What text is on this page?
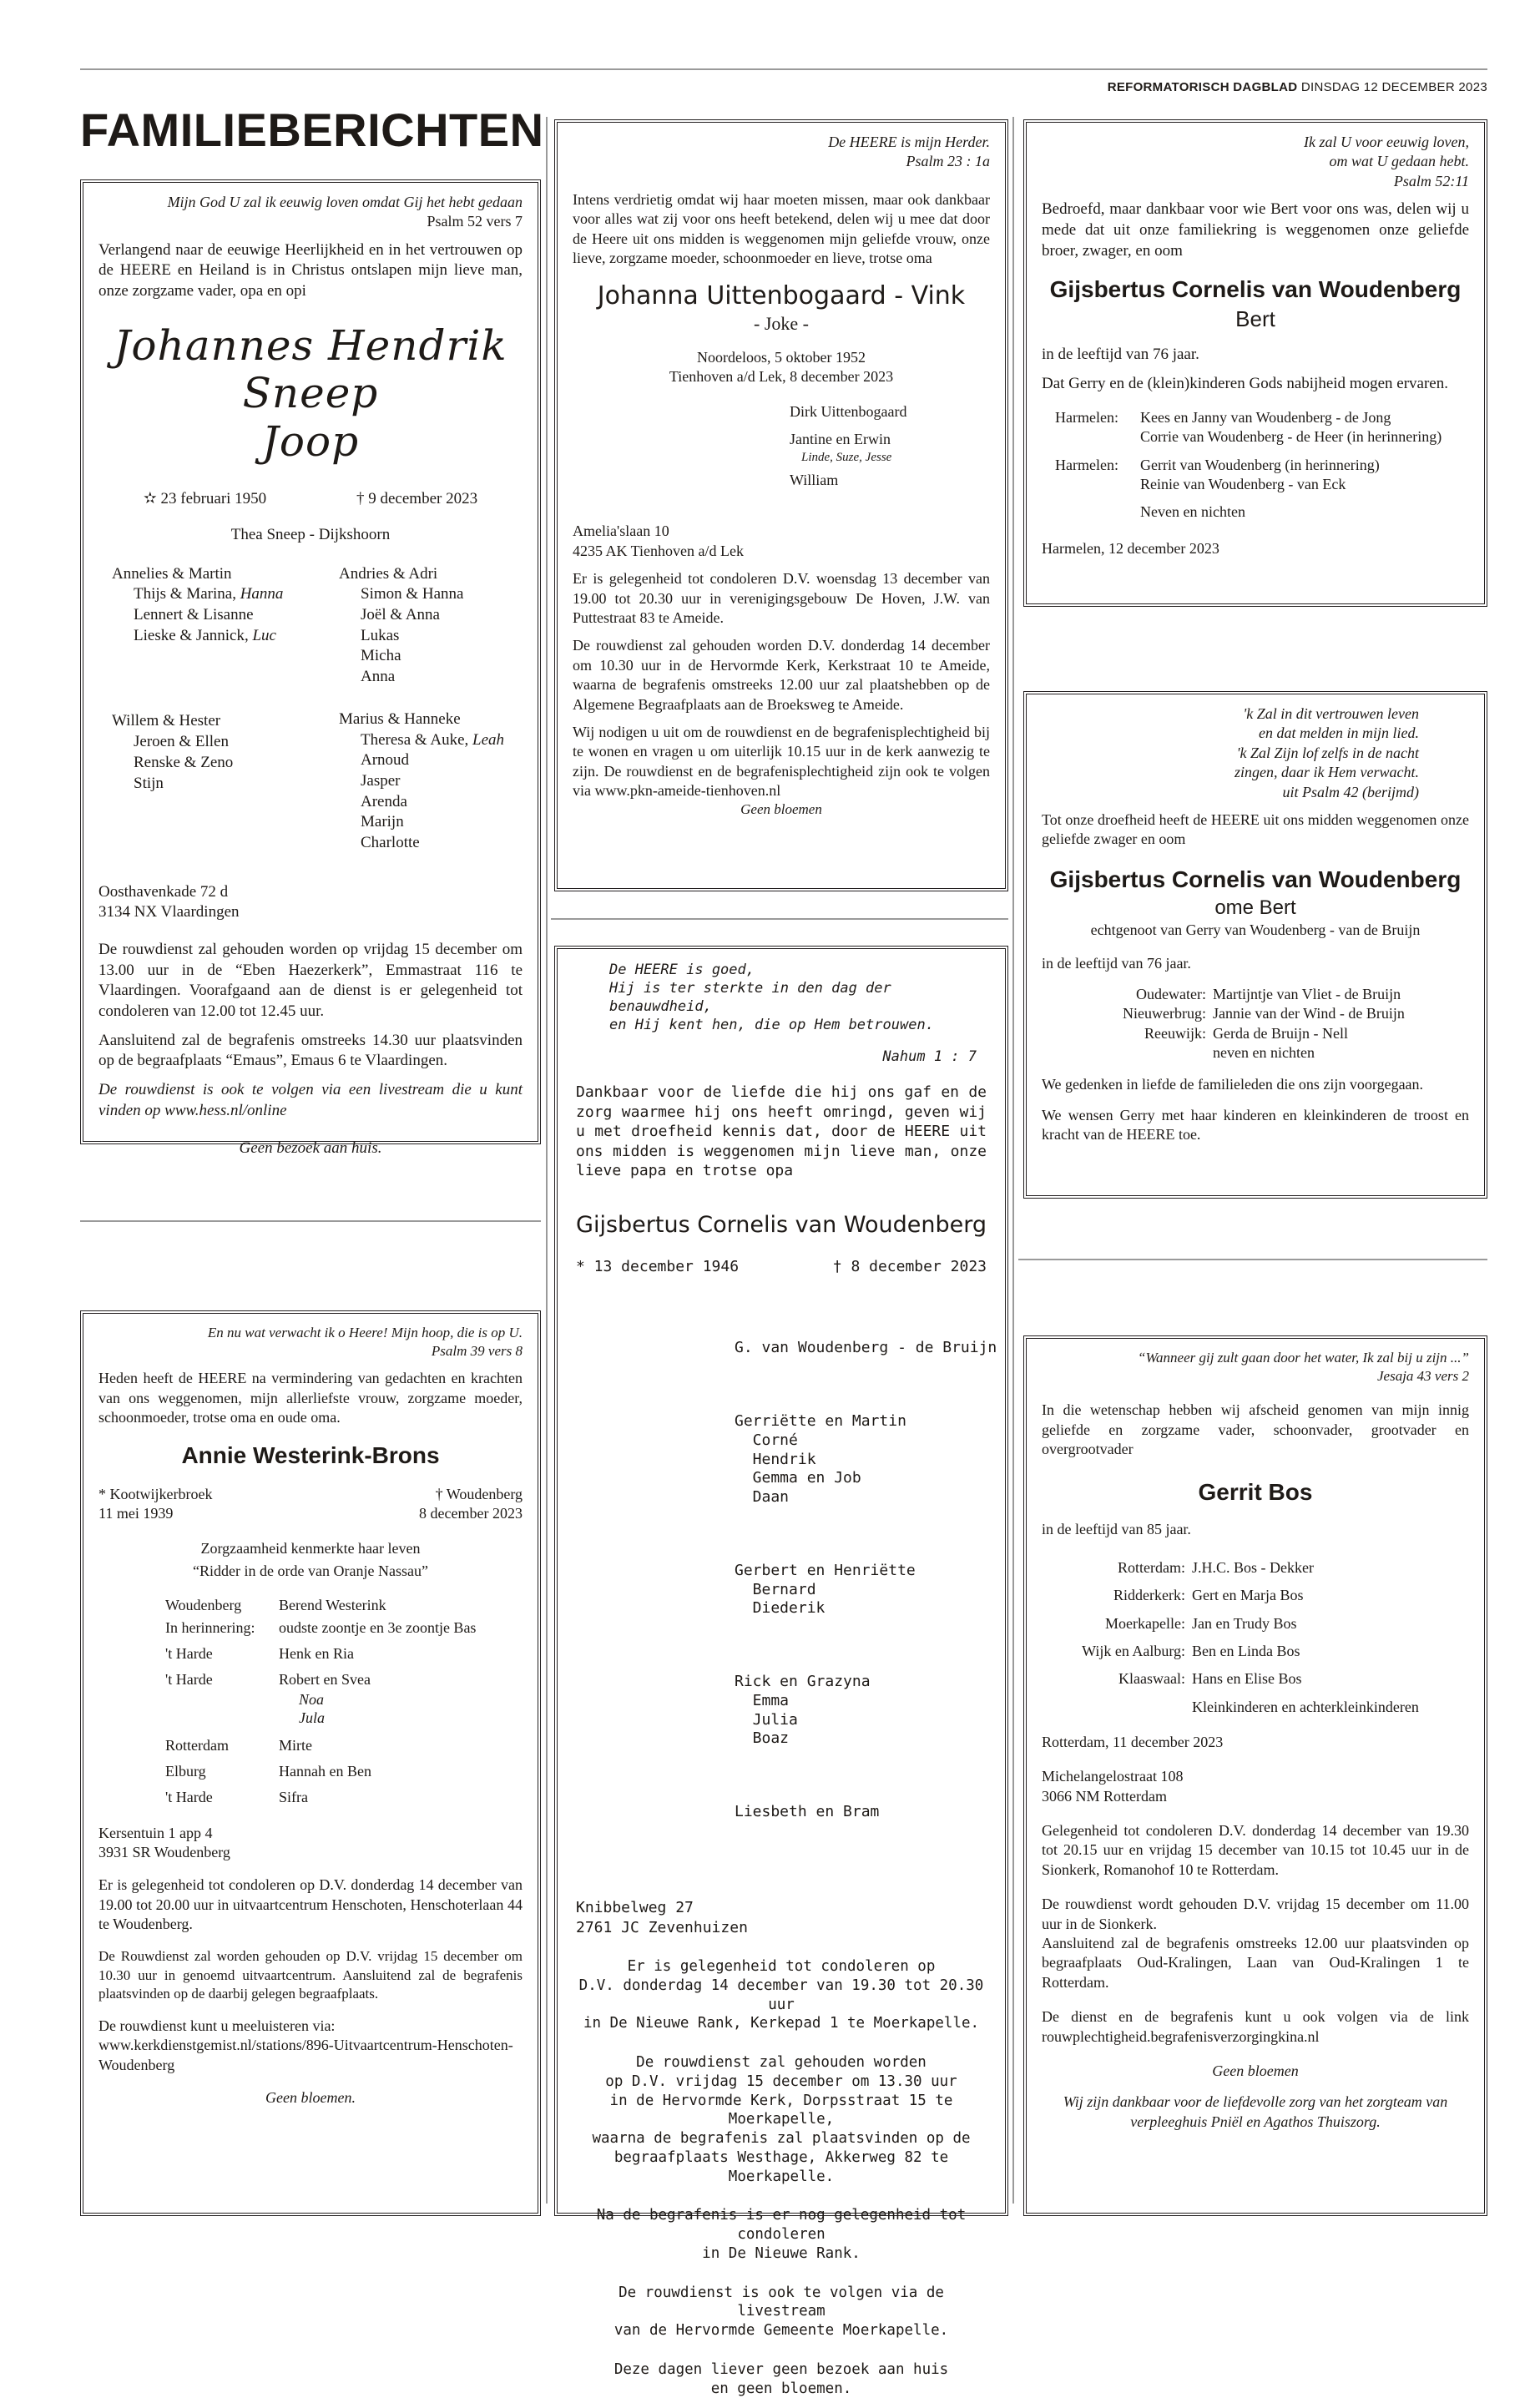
REFORMATORISCH DAGBLAD DINSDAG 12 DECEMBER 2023
FAMILIEBERICHTEN
Mijn God U zal ik eeuwig loven omdat Gij het hebt gedaan
Psalm 52 vers 7

Verlangend naar de eeuwige Heerlijkheid en in het vertrouwen op de HEERE en Heiland is in Christus ontslapen mijn lieve man, onze zorgzame vader, opa en opi

Johannes Hendrik Sneep
Joop
✫ 23 februari 1950	† 9 december 2023
Thea Sneep - Dijkshoorn
Annelies & Martin
Thijs & Marina, Hanna
Lennert & Lisanne
Lieske & Jannick, Luc
Willem & Hester
Jeroen & Ellen
Renske & Zeno
Stijn
Andries & Adri
Simon & Hanna
Joël & Anna
Lukas
Micha
Anna
Marius & Hanneke
Theresa & Auke, Leah
Arnoud
Jasper
Arenda
Marijn
Charlotte
Oosthavenkade 72 d
3134 NX Vlaardingen

De rouwdienst zal gehouden worden op vrijdag 15 december om 13.00 uur in de “Eben Haezerkerk”, Emmastraat 116 te Vlaardingen. Voorafgaand aan de dienst is er gelegenheid tot condoleren van 12.00 tot 12.45 uur.

Aansluitend zal de begrafenis omstreeks 14.30 uur plaatsvinden op de begraafplaats “Emaus”, Emaus 6 te Vlaardingen.

De rouwdienst is ook te volgen via een livestream die u kunt vinden op www.hess.nl/online

Geen bezoek aan huis.

De HEERE is mijn Herder.
Psalm 23 : 1a

Intens verdrietig omdat wij haar moeten missen, maar ook dankbaar voor alles wat zij voor ons heeft betekend, delen wij u mee dat door de Heere uit ons midden is weggenomen mijn geliefde vrouw, onze lieve, zorgzame moeder, schoonmoeder en lieve, trotse oma

Johanna Uittenbogaard - Vink
- Joke -
Noordeloos, 5 oktober 1952
Tienhoven a/d Lek, 8 december 2023
Dirk Uittenbogaard
Jantine en Erwin
Linde, Suze, Jesse
William
Amelia'slaan 10
4235 AK Tienhoven a/d Lek

Er is gelegenheid tot condoleren D.V. woensdag 13 december van 19.00 tot 20.30 uur in verenigingsgebouw De Hoven, J.W. van Puttestraat 83 te Ameide.

De rouwdienst zal gehouden worden D.V. donderdag 14 december om 10.30 uur in de Hervormde Kerk, Kerkstraat 10 te Ameide, waarna de begrafenis omstreeks 12.00 uur zal plaatshebben op de Algemene Begraafplaats aan de Broeksweg te Ameide.

Wij nodigen u uit om de rouwdienst en de begrafenisplechtigheid bij te wonen en vragen u om uiterlijk 10.15 uur in de kerk aanwezig te zijn. De rouwdienst en de begrafenisplechtigheid zijn ook te volgen via www.pkn-ameide-tienhoven.nl

Geen bloemen

Ik zal U voor eeuwig loven,
om wat U gedaan hebt.
Psalm 52:11

Bedroefd, maar dankbaar voor wie Bert voor ons was, delen wij u mede dat uit onze familiekring is weggenomen onze geliefde broer, zwager, en oom

Gijsbertus Cornelis van Woudenberg
Bert

in de leeftijd van 76 jaar.

Dat Gerry en de (klein)kinderen Gods nabijheid mogen ervaren.

Harmelen:	Kees en Janny van Woudenberg - de Jong
Corrie van Woudenberg - de Heer (in herinnering)
Harmelen:	Gerrit van Woudenberg (in herinnering)
Reinie van Woudenberg - van Eck
Neven en nichten

Harmelen, 12 december 2023

'k Zal in dit vertrouwen leven
en dat melden in mijn lied.
'k Zal Zijn lof zelfs in de nacht
zingen, daar ik Hem verwacht.
uit Psalm 42 (berijmd)

Tot onze droefheid heeft de HEERE uit ons midden weggenomen onze geliefde zwager en oom

Gijsbertus Cornelis van Woudenberg
ome Bert
echtgenoot van Gerry van Woudenberg - van de Bruijn

in de leeftijd van 76 jaar.

Oudewater: Martijntje van Vliet - de Bruijn
Nieuwerbrug: Jannie van der Wind - de Bruijn
Reeuwijk: Gerda de Bruijn - Nell
neven en nichten

We gedenken in liefde de familieleden die ons zijn voorgegaan.

We wensen Gerry met haar kinderen en kleinkinderen de troost en kracht van de HEERE toe.

De HEERE is goed,
Hij is ter sterkte in den dag der benauwdheid,
en Hij kent hen, die op Hem betrouwen.
Nahum 1 : 7

Dankbaar voor de liefde die hij ons gaf en de zorg waarmee hij ons heeft omringd, geven wij u met droefheid kennis dat, door de HEERE uit ons midden is weggenomen mijn lieve man, onze lieve papa en trotse opa

Gijsbertus Cornelis van Woudenberg
* 13 december 1946	† 8 december 2023

G. van Woudenberg - de Bruijn

Gerriëtte en Martin
Corné
Hendrik
Gemma en Job
Daan

Gerbert en Henriëtte
Bernard
Diederik

Rick en Grazyna
Emma
Julia
Boaz

Liesbeth en Bram

Knibbelweg 27
2761 JC Zevenhuizen
Er is gelegenheid tot condoleren op
D.V. donderdag 14 december van 19.30 tot 20.30 uur
in De Nieuwe Rank, Kerkepad 1 te Moerkapelle.
De rouwdienst zal gehouden worden
op D.V. vrijdag 15 december om 13.30 uur
in de Hervormde Kerk, Dorpsstraat 15 te Moerkapelle,
waarna de begrafenis zal plaatsvinden op de
begraafplaats Westhage, Akkerweg 82 te Moerkapelle.
Na de begrafenis is er nog gelegenheid tot condoleren
in De Nieuwe Rank.
De rouwdienst is ook te volgen via de livestream
van de Hervormde Gemeente Moerkapelle.
Deze dagen liever geen bezoek aan huis
en geen bloemen.
En nu wat verwacht ik o Heere! Mijn hoop, die is op U.
Psalm 39 vers 8

Heden heeft de HEERE na vermindering van gedachten en krachten van ons weggenomen, mijn allerliefste vrouw, zorgzame moeder, schoonmoeder, trotse oma en oude oma.

Annie Westerink-Brons
* Kootwijkerbroek
11 mei 1939
† Woudenberg
8 december 2023
Zorgzaamheid kenmerkte haar leven
“Ridder in de orde van Oranje Nassau”
Woudenberg	Berend Westerink
In herinnering:	oudste zoontje en 3e zoontje Bas
't Harde	Henk en Ria
't Harde	Robert en Svea
Noa
Jula
Rotterdam	Mirte
Elburg	Hannah en Ben
't Harde	Sifra
Kersentuin 1 app 4
3931 SR Woudenberg

Er is gelegenheid tot condoleren op D.V. donderdag 14 december van 19.00 tot 20.00 uur in uitvaartcentrum Henschoten, Henschoterlaan 44 te Woudenberg.

De Rouwdienst zal worden gehouden op D.V. vrijdag 15 december om 10.30 uur in genoemd uitvaartcentrum. Aansluitend zal de begrafenis plaatsvinden op de daarbij gelegen begraafplaats.

De rouwdienst kunt u meeluisteren via:

www.kerkdienstgemist.nl/stations/896-Uitvaartcentrum-Henschoten-Woudenberg

Geen bloemen.

“Wanneer gij zult gaan door het water, Ik zal bij u zijn ...”
Jesaja 43 vers 2

In die wetenschap hebben wij afscheid genomen van mijn innig geliefde en zorgzame vader, schoonvader, grootvader en overgrootvader

Gerrit Bos

in de leeftijd van 85 jaar.

Rotterdam: J.H.C. Bos - Dekker
Ridderkerk: Gert en Marja Bos
Moerkapelle: Jan en Trudy Bos
Wijk en Aalburg: Ben en Linda Bos
Klaaswaal: Hans en Elise Bos
Kleinkinderen en achterkleinkinderen

Rotterdam, 11 december 2023

Michelangelostraat 108
3066 NM Rotterdam

Gelegenheid tot condoleren D.V. donderdag 14 december van 19.30 tot 20.15 uur en vrijdag 15 december van 10.15 tot 10.45 uur in de Sionkerk, Romanohof 10 te Rotterdam.

De rouwdienst wordt gehouden D.V. vrijdag 15 december om 11.00 uur in de Sionkerk.

Aansluitend zal de begrafenis omstreeks 12.00 uur plaatsvinden op begraafplaats Oud-Kralingen, Laan van Oud-Kralingen 1 te Rotterdam.

De dienst en de begrafenis kunt u ook volgen via de link rouwplechtigheid.begrafenisverzorgingkina.nl

Geen bloemen

Wij zijn dankbaar voor de liefdevolle zorg van het zorgteam van verpleeghuis Pniël en Agathos Thuiszorg.
